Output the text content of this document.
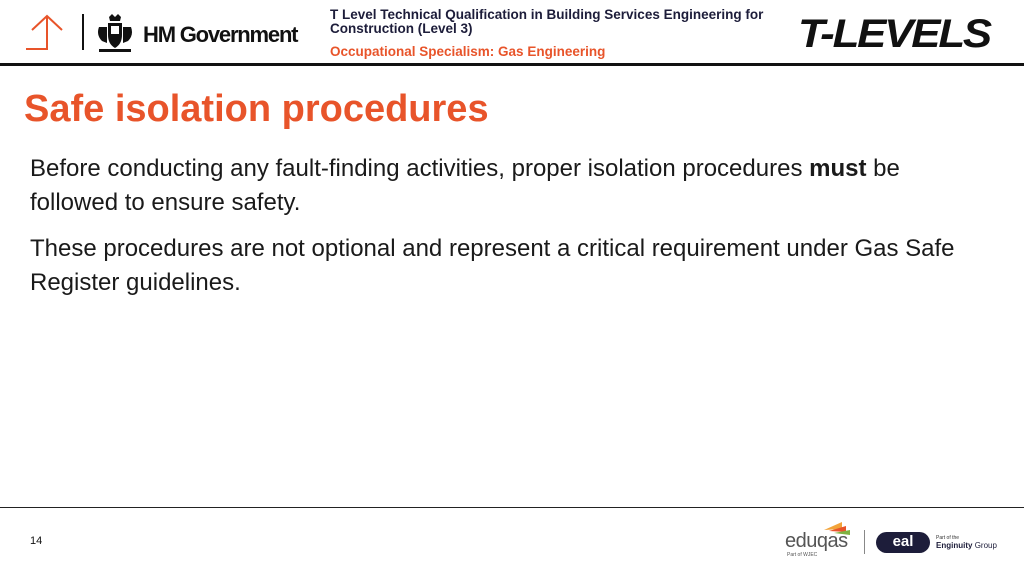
HM Government
T Level Technical Qualification in Building Services Engineering for Construction (Level 3)
Occupational Specialism: Gas Engineering	T-LEVELS
Safe isolation procedures

Before conducting any fault-finding activities, proper isolation procedures must be followed to ensure safety.

These procedures are not optional and represent a critical requirement under Gas Safe Register guidelines.

14	eduqas
Part of WJEC
eal	Part of the
Enginuity Group
